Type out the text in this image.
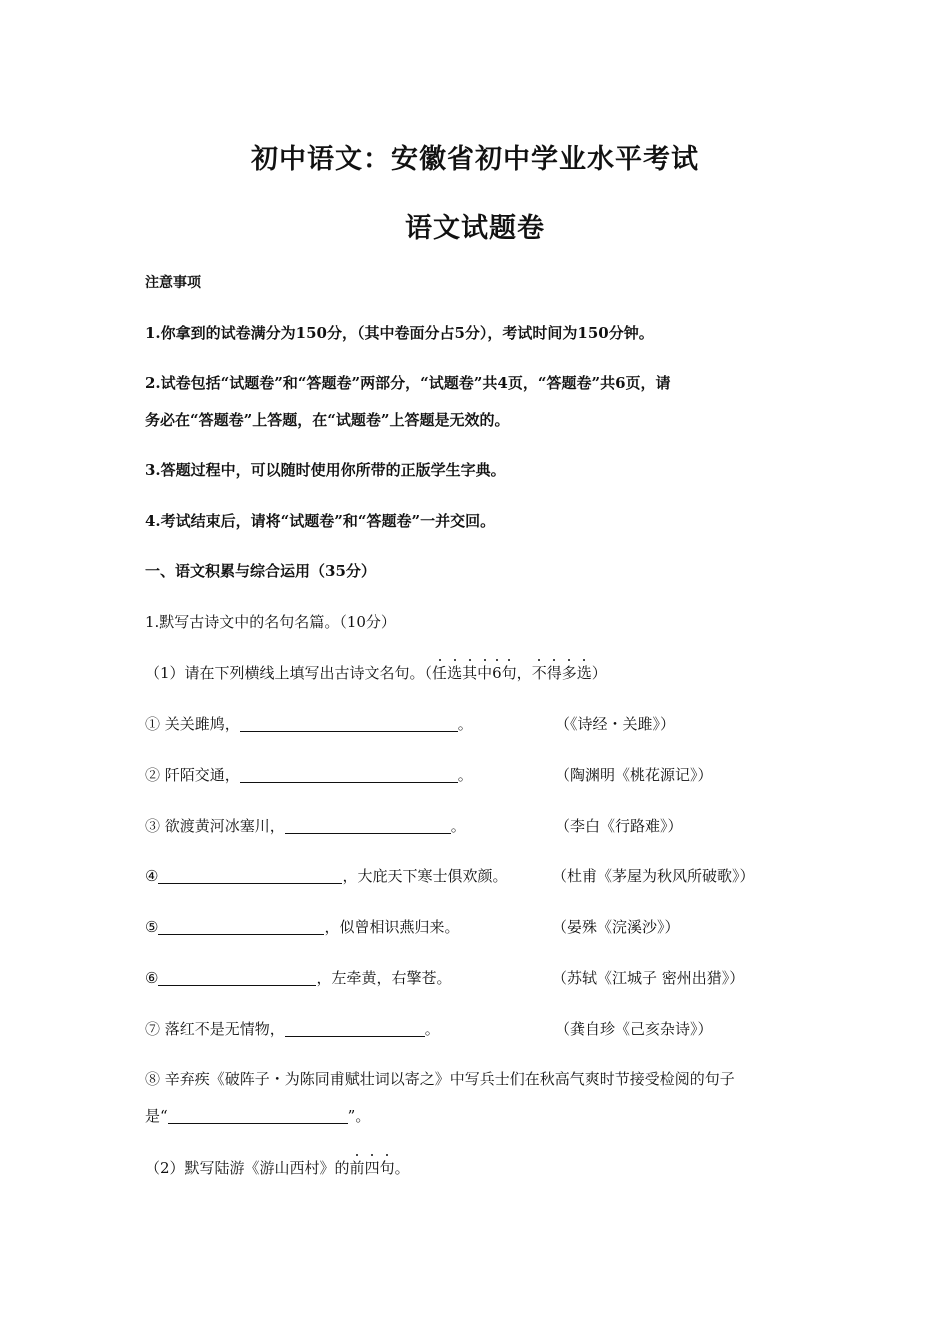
初中语文：安徽省初中学业水平考试
语文试题卷
注意事项
1.你拿到的试卷满分为150分，（其中卷面分占5分），考试时间为150分钟。
2.试卷包括“试题卷”和“答题卷”两部分，“试题卷”共4页，“答题卷”共6页，请
务必在“答题卷”上答题，在“试题卷”上答题是无效的。
3.答题过程中，可以随时使用你所带的正版学生字典。
4.考试结束后，请将“试题卷”和“答题卷”一并交回。
一、语文积累与综合运用（35分）
1.默写古诗文中的名句名篇。（10分）
（1）请在下列横线上填写出古诗文名句。（任选其中6句，不得多选）
① 关关雎鸠，	。	（《诗经・关雎》）
② 阡陌交通，	。	（陶渊明《桃花源记》）
③ 欲渡黄河冰塞川，	。	（李白《行路难》）
④	，大庇天下寒士俱欢颜。	（杜甫《茅屋为秋风所破歌》）
⑤	，似曾相识燕归来。	（晏殊《浣溪沙》）
⑥	，左牵黄，右擎苍。	（苏轼《江城子 密州出猎》）
⑦ 落红不是无情物，	。	（龚自珍《己亥杂诗》）
⑧ 辛弃疾《破阵子・为陈同甫赋壮词以寄之》中写兵士们在秋高气爽时节接受检阅的句子
是“	”。
（2）默写陆游《游山西村》的前四句。
